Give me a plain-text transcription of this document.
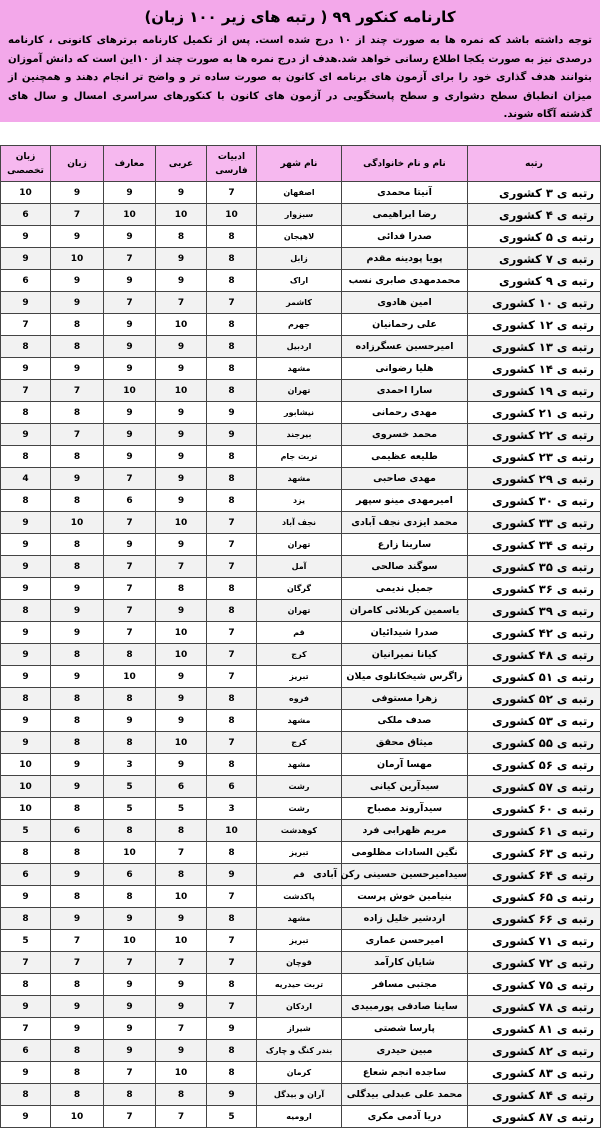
کارنامه کنکور ۹۹ ( رتبه های زیر ۱۰۰ زبان)

توجه داشته باشد که نمره ها به صورت چند از ۱۰ درج شده است. پس از تکمیل کارنامه برترهای کانونی ، کارنامه درصدی نیز به صورت یکجا اطلاع رسانی خواهد شد.هدف از درج نمره ها به صورت چند از ۱۰این است که دانش آموزان بتوانند هدف گذاری خود را برای آزمون های برنامه ای کانون به صورت ساده تر و واضح تر انجام دهند و همچنین از میزان انطباق سطح دشواری و سطح پاسخگویی در آزمون های کانون با کنکورهای سراسری امسال و سال های گذشته آگاه شوند.

رتبه	نام و نام خانوادگی	نام شهر	ادبیات فارسی	عربی	معارف	زبان	زبان تخصصی
رتبه ی ۳ کشوری	آنیتا محمدی	اصفهان	7	9	9	9	10
رتبه ی ۴ کشوری	رضا ابراهیمی	سبزوار	10	10	10	7	6
رتبه ی ۵ کشوری	صدرا فدائی	لاهیجان	8	8	9	9	9
رتبه ی ۷ کشوری	پویا پودینه مقدم	زابل	8	9	7	10	9
رتبه ی ۹ کشوری	محمدمهدی صابری نسب	اراک	8	9	9	9	6
رتبه ی ۱۰ کشوری	امین هادوی	کاشمر	7	7	7	9	9
رتبه ی ۱۲ کشوری	علی رحمانیان	جهرم	8	10	9	8	7
رتبه ی ۱۳ کشوری	امیرحسین عسگرزاده	اردبیل	8	9	9	8	8
رتبه ی ۱۴ کشوری	هلیا رضوانی	مشهد	8	9	9	9	9
رتبه ی ۱۹ کشوری	سارا احمدی	تهران	8	10	10	7	7
رتبه ی ۲۱ کشوری	مهدی رحمانی	نیشابور	9	9	9	8	8
رتبه ی ۲۲ کشوری	محمد خسروی	بیرجند	9	9	9	7	9
رتبه ی ۲۳ کشوری	طلیعه عظیمی	تربت جام	8	9	9	8	8
رتبه ی ۲۹ کشوری	مهدی صاحبی	مشهد	8	9	7	9	4
رتبه ی ۳۰ کشوری	امیرمهدی مینو سپهر	یزد	8	9	6	8	8
رتبه ی ۳۳ کشوری	محمد ایزدی نجف آبادی	نجف آباد	7	10	7	10	9
رتبه ی ۳۴ کشوری	سارینا زارع	تهران	7	9	9	8	9
رتبه ی ۳۵ کشوری	سوگند صالحی	آمل	7	7	7	8	9
رتبه ی ۳۶ کشوری	جمیل ندیمی	گرگان	8	8	7	9	9
رتبه ی ۳۹ کشوری	یاسمین کربلائی کامران	تهران	8	9	7	9	8
رتبه ی ۴۲ کشوری	صدرا شیدائیان	قم	7	10	7	9	9
رتبه ی ۴۸ کشوری	کیانا نمیرانیان	کرج	7	10	8	8	9
رتبه ی ۵۱ کشوری	زاگرس شیخکانلوی میلان	تبریز	7	9	10	9	9
رتبه ی ۵۲ کشوری	زهرا مستوفی	فروه	8	9	8	8	8
رتبه ی ۵۳ کشوری	صدف ملکی	مشهد	8	9	9	8	9
رتبه ی ۵۵ کشوری	میثاق محقق	کرج	7	10	8	8	9
رتبه ی ۵۶ کشوری	مهسا آرمان	مشهد	8	9	3	9	10
رتبه ی ۵۷ کشوری	سیدآرین کیانی	رشت	6	6	5	9	10
رتبه ی ۶۰ کشوری	سیدآروند مصباح	رشت	3	5	5	8	10
رتبه ی ۶۱ کشوری	مریم ظهرابی فرد	کوهدشت	10	8	8	6	5
رتبه ی ۶۳ کشوری	نگین السادات مظلومی	تبریز	8	7	10	8	8
رتبه ی ۶۴ کشوری	سیدامیرحسین حسینی رکن آبادی	قم	9	8	6	9	6
رتبه ی ۶۵ کشوری	بنیامین خوش پرست	پاکدشت	7	10	8	8	9
رتبه ی ۶۶ کشوری	اردشیر خلیل زاده	مشهد	8	9	9	9	8
رتبه ی ۷۱ کشوری	امیرحسن عماری	تبریز	7	10	10	7	5
رتبه ی ۷۲ کشوری	شایان کارآمد	قوچان	7	7	7	7	7
رتبه ی ۷۵ کشوری	مجتبی مسافر	تربت حیدریه	8	9	9	8	8
رتبه ی ۷۸ کشوری	ساینا صادقی پورمبیدی	اردکان	7	9	9	9	9
رتبه ی ۸۱ کشوری	پارسا شصتی	شیراز	9	7	9	9	7
رتبه ی ۸۲ کشوری	مبین حیدری	بندر کنگ و چارک	8	9	9	8	6
رتبه ی ۸۳ کشوری	ساجده انجم شعاع	کرمان	8	10	7	8	9
رتبه ی ۸۴ کشوری	محمد علی عبدلی بیدگلی	آران و بیدگل	9	8	8	8	8
رتبه ی ۸۷ کشوری	دریا آدمی مکری	ارومیه	5	7	7	10	9
